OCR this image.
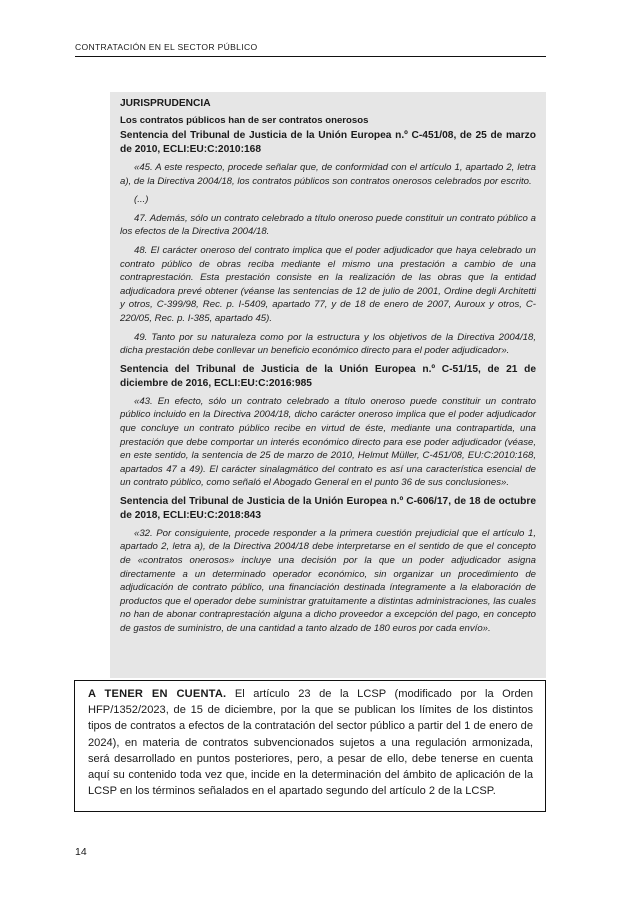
CONTRATACIÓN EN EL SECTOR PÚBLICO
JURISPRUDENCIA
Los contratos públicos han de ser contratos onerosos

Sentencia del Tribunal de Justicia de la Unión Europea n.º C-451/08, de 25 de marzo de 2010, ECLI:EU:C:2010:168

«45. A este respecto, procede señalar que, de conformidad con el artículo 1, apartado 2, letra a), de la Directiva 2004/18, los contratos públicos son contratos onerosos celebrados por escrito.

(...)

47. Además, sólo un contrato celebrado a título oneroso puede constituir un contrato público a los efectos de la Directiva 2004/18.

48. El carácter oneroso del contrato implica que el poder adjudicador que haya celebrado un contrato público de obras reciba mediante el mismo una prestación a cambio de una contraprestación. Esta prestación consiste en la realización de las obras que la entidad adjudicadora prevé obtener (véanse las sentencias de 12 de julio de 2001, Ordine degli Architetti y otros, C-399/98, Rec. p. I-5409, apartado 77, y de 18 de enero de 2007, Auroux y otros, C-220/05, Rec. p. I-385, apartado 45).

49. Tanto por su naturaleza como por la estructura y los objetivos de la Directiva 2004/18, dicha prestación debe conllevar un beneficio económico directo para el poder adjudicador».

Sentencia del Tribunal de Justicia de la Unión Europea n.º C-51/15, de 21 de diciembre de 2016, ECLI:EU:C:2016:985

«43. En efecto, sólo un contrato celebrado a título oneroso puede constituir un contrato público incluido en la Directiva 2004/18, dicho carácter oneroso implica que el poder adjudicador que concluye un contrato público recibe en virtud de éste, mediante una contrapartida, una prestación que debe comportar un interés económico directo para ese poder adjudicador (véase, en este sentido, la sentencia de 25 de marzo de 2010, Helmut Müller, C-451/08, EU:C:2010:168, apartados 47 a 49). El carácter sinalagmático del contrato es así una característica esencial de un contrato público, como señaló el Abogado General en el punto 36 de sus conclusiones».

Sentencia del Tribunal de Justicia de la Unión Europea n.º C-606/17, de 18 de octubre de 2018, ECLI:EU:C:2018:843

«32. Por consiguiente, procede responder a la primera cuestión prejudicial que el artículo 1, apartado 2, letra a), de la Directiva 2004/18 debe interpretarse en el sentido de que el concepto de «contratos onerosos» incluye una decisión por la que un poder adjudicador asigna directamente a un determinado operador económico, sin organizar un procedimiento de adjudicación de contrato público, una financiación destinada íntegramente a la elaboración de productos que el operador debe suministrar gratuitamente a distintas administraciones, las cuales no han de abonar contraprestación alguna a dicho proveedor a excepción del pago, en concepto de gastos de suministro, de una cantidad a tanto alzado de 180 euros por cada envío».

A TENER EN CUENTA. El artículo 23 de la LCSP (modificado por la Orden HFP/1352/2023, de 15 de diciembre, por la que se publican los límites de los distintos tipos de contratos a efectos de la contratación del sector público a partir del 1 de enero de 2024), en materia de contratos subvencionados sujetos a una regulación armonizada, será desarrollado en puntos posteriores, pero, a pesar de ello, debe tenerse en cuenta aquí su contenido toda vez que, incide en la determinación del ámbito de aplicación de la LCSP en los términos señalados en el apartado segundo del artículo 2 de la LCSP.

14
